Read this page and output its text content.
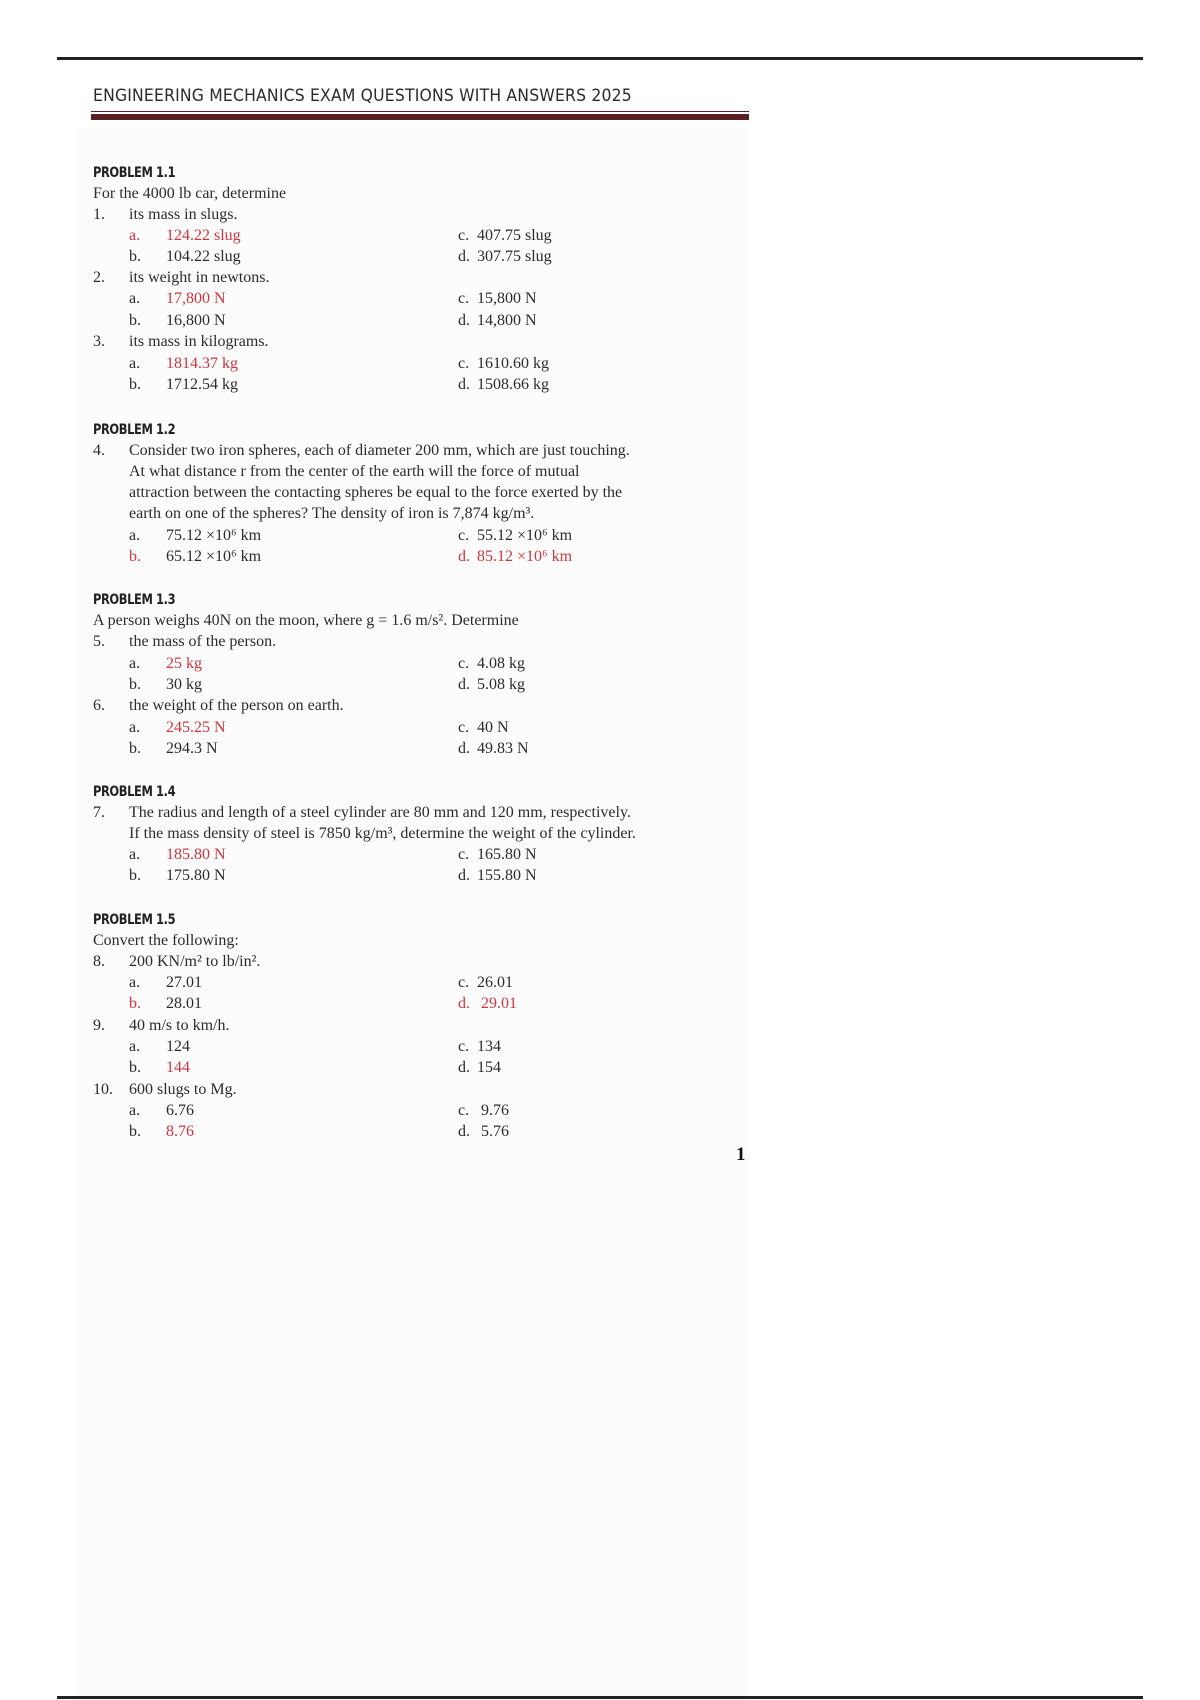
ENGINEERING MECHANICS EXAM QUESTIONS WITH ANSWERS 2025
PROBLEM 1.1
For the 4000 lb car, determine
1. its mass in slugs.
a. 124.22 slug	c. 407.75 slug
b. 104.22 slug	d. 307.75 slug
2. its weight in newtons.
a. 17,800 N	c. 15,800 N
b. 16,800 N	d. 14,800 N
3. its mass in kilograms.
a. 1814.37 kg	c. 1610.60 kg
b. 1712.54 kg	d. 1508.66 kg
PROBLEM 1.2
4. Consider two iron spheres, each of diameter 200 mm, which are just touching.
At what distance r from the center of the earth will the force of mutual
attraction between the contacting spheres be equal to the force exerted by the
earth on one of the spheres? The density of iron is 7,874 kg/m³.
a. 75.12 ×10⁶ km	c. 55.12 ×10⁶ km
b. 65.12 ×10⁶ km	d. 85.12 ×10⁶ km
PROBLEM 1.3
A person weighs 40N on the moon, where g = 1.6 m/s². Determine
5. the mass of the person.
a. 25 kg	c. 4.08 kg
b. 30 kg	d. 5.08 kg
6. the weight of the person on earth.
a. 245.25 N	c. 40 N
b. 294.3 N	d. 49.83 N
PROBLEM 1.4
7. The radius and length of a steel cylinder are 80 mm and 120 mm, respectively.
If the mass density of steel is 7850 kg/m³, determine the weight of the cylinder.
a. 185.80 N	c. 165.80 N
b. 175.80 N	d. 155.80 N
PROBLEM 1.5
Convert the following:
8. 200 KN/m² to lb/in².
a. 27.01	c. 26.01
b. 28.01	d. 29.01
9. 40 m/s to km/h.
a. 124	c. 134
b. 144	d. 154
10. 600 slugs to Mg.
a. 6.76	c. 9.76
b. 8.76	d. 5.76
1
